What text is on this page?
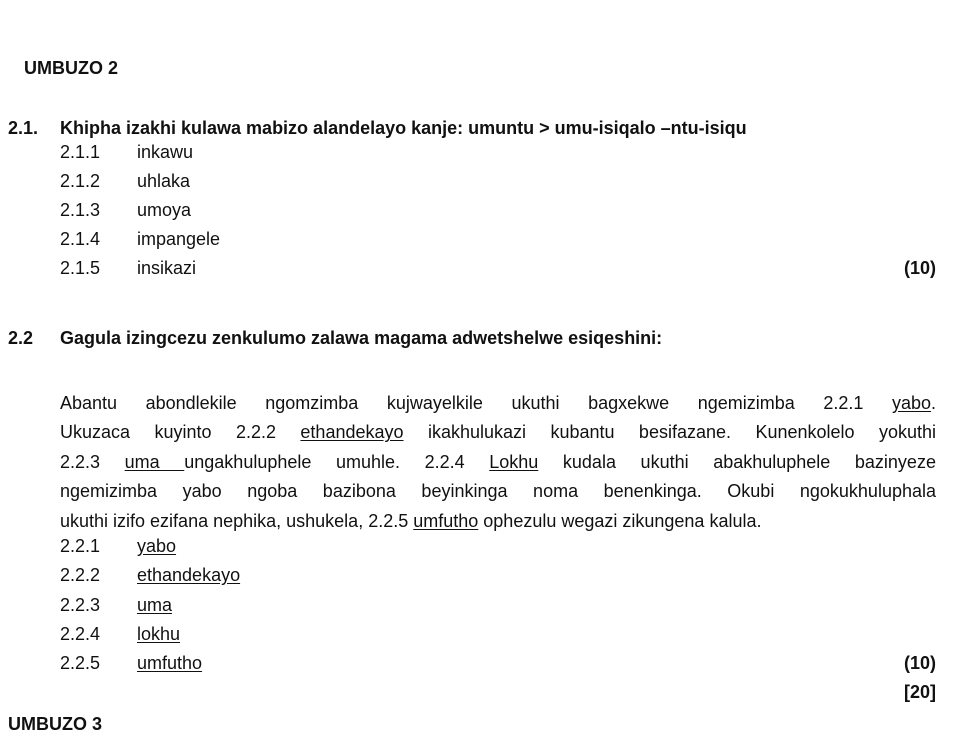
UMBUZO 2
2.1. Khipha izakhi kulawa mabizo alandelayo kanje: umuntu > umu-isiqalo –ntu-isiqu
2.1.1 inkawu
2.1.2 uhlaka
2.1.3 umoya
2.1.4 impangele
2.1.5 insikazi	(10)
2.2 Gagula izingcezu zenkulumo zalawa magama adwetshelwe esiqeshini:
Abantu abondlekile ngomzimba kujwayelkile ukuthi bagxekwe ngemizimba 2.2.1 yabo.
Ukuzaca kuyinto 2.2.2 ethandekayo ikakhulukazi kubantu besifazane. Kunenkolelo yokuthi
2.2.3 uma ungakhuluphele umuhle. 2.2.4 Lokhu kudala ukuthi abakhuluphele bazinyeze
ngemizimba yabo ngoba bazibona beyinkinga noma benenkinga. Okubi ngokukhuluphala
ukuthi izifo ezifana nephika, ushukela, 2.2.5 umfutho ophezulu wegazi zikungena kalula.
2.2.1 yabo
2.2.2 ethandekayo
2.2.3 uma
2.2.4 lokhu
2.2.5 umfutho	(10)
[20]
UMBUZO 3
